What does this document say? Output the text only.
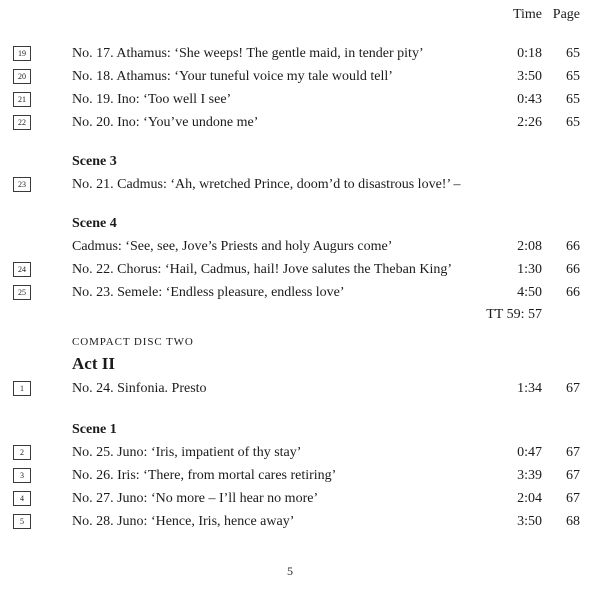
Time Page
19	No. 17. Athamus: ‘She weeps! The gentle maid, in tender pity’	0:18	65
20	No. 18. Athamus: ‘Your tuneful voice my tale would tell’	3:50	65
21	No. 19. Ino: ‘Too well I see’	0:43	65
22	No. 20. Ino: ‘You’ve undone me’	2:26	65
Scene 3
23	No. 21. Cadmus: ‘Ah, wretched Prince, doom’d to disastrous love!’ –
Scene 4
Cadmus: ‘See, see, Jove’s Priests and holy Augurs come’	2:08	66
24	No. 22. Chorus: ‘Hail, Cadmus, hail! Jove salutes the Theban King’	1:30	66
25	No. 23. Semele: ‘Endless pleasure, endless love’	4:50	66
TT 59: 57
COMPACT DISC TWO
Act II
1	No. 24. Sinfonia. Presto	1:34	67
Scene 1
2	No. 25. Juno: ‘Iris, impatient of thy stay’	0:47	67
3	No. 26. Iris: ‘There, from mortal cares retiring’	3:39	67
4	No. 27. Juno: ‘No more – I’ll hear no more’	2:04	67
5	No. 28. Juno: ‘Hence, Iris, hence away’	3:50	68
5
